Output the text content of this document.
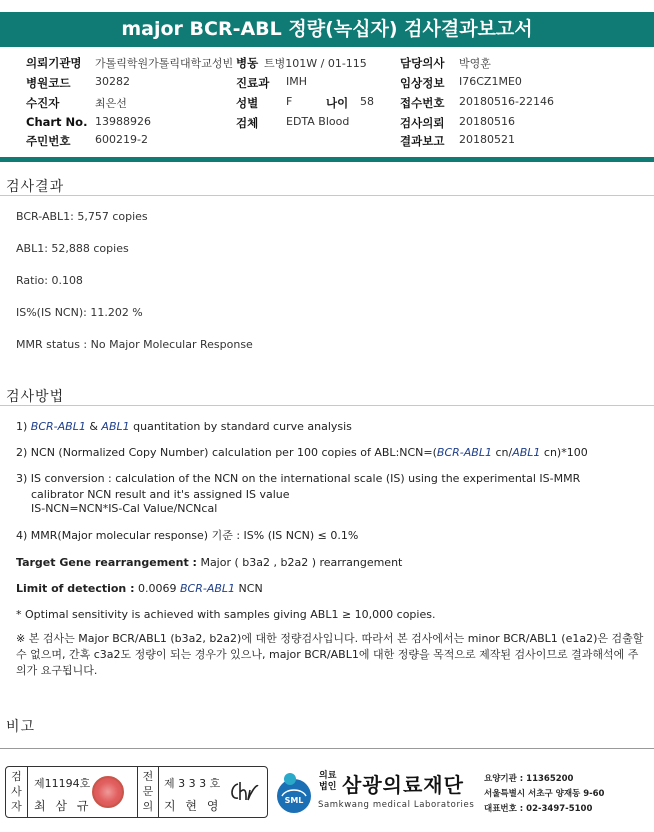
major BCR-ABL 정량(녹십자) 검사결과보고서
의뢰기관명 가톨릭학원가톨릭대학교성빈 병동 트병101W / 01-115	담당의사 박영훈
병원코드 30282	진료과 IMH	임상정보 I76CZ1ME0
수진자	최은선	성별	F	나이 58 접수번호 20180516-22146
Chart No. 13988926	검체	EDTA Blood	검사의뢰 20180516
주민번호 600219-2	결과보고 20180521
검사결과
BCR-ABL1: 5,757 copies
ABL1: 52,888 copies
Ratio: 0.108
IS%(IS NCN): 11.202 %
MMR status : No Major Molecular Response
검사방법
1) BCR-ABL1 & ABL1 quantitation by standard curve analysis
2) NCN (Normalized Copy Number) calculation per 100 copies of ABL:NCN=(BCR-ABL1 cn/ABL1 cn)*100
3) IS conversion : calculation of the NCN on the international scale (IS) using the experimental IS-MMR
calibrator NCN result and it's assigned IS value
IS-NCN=NCN*IS-Cal Value/NCNcal
4) MMR(Major molecular response) 기준 : IS% (IS NCN) ≤ 0.1%
Target Gene rearrangement : Major ( b3a2 , b2a2 ) rearrangement
Limit of detection : 0.0069 BCR-ABL1 NCN
* Optimal sensitivity is achieved with samples giving ABL1 ≥ 10,000 copies.
※ 본 검사는 Major BCR/ABL1 (b3a2, b2a2)에 대한 정량검사입니다. 따라서 본 검사에서는 minor BCR/ABL1 (e1a2)은 검출할 수 없으며, 간혹 c3a2도 정량이 되는 경우가 있으나, major BCR/ABL1에 대한 정량을 목적으로 제작된 검사이므로 결과해석에 주의가 요구됩니다.
비고
검
사
자
전
문
의
제11194호
최 삼 규
제 3 3 3 호
지 현 영	SML
의료
법인 삼광의료재단
Samkwang medical Laboratories
요양기관 : 11365200
서울특별시 서초구 양재동 9-60
대표번호 : 02-3497-5100
